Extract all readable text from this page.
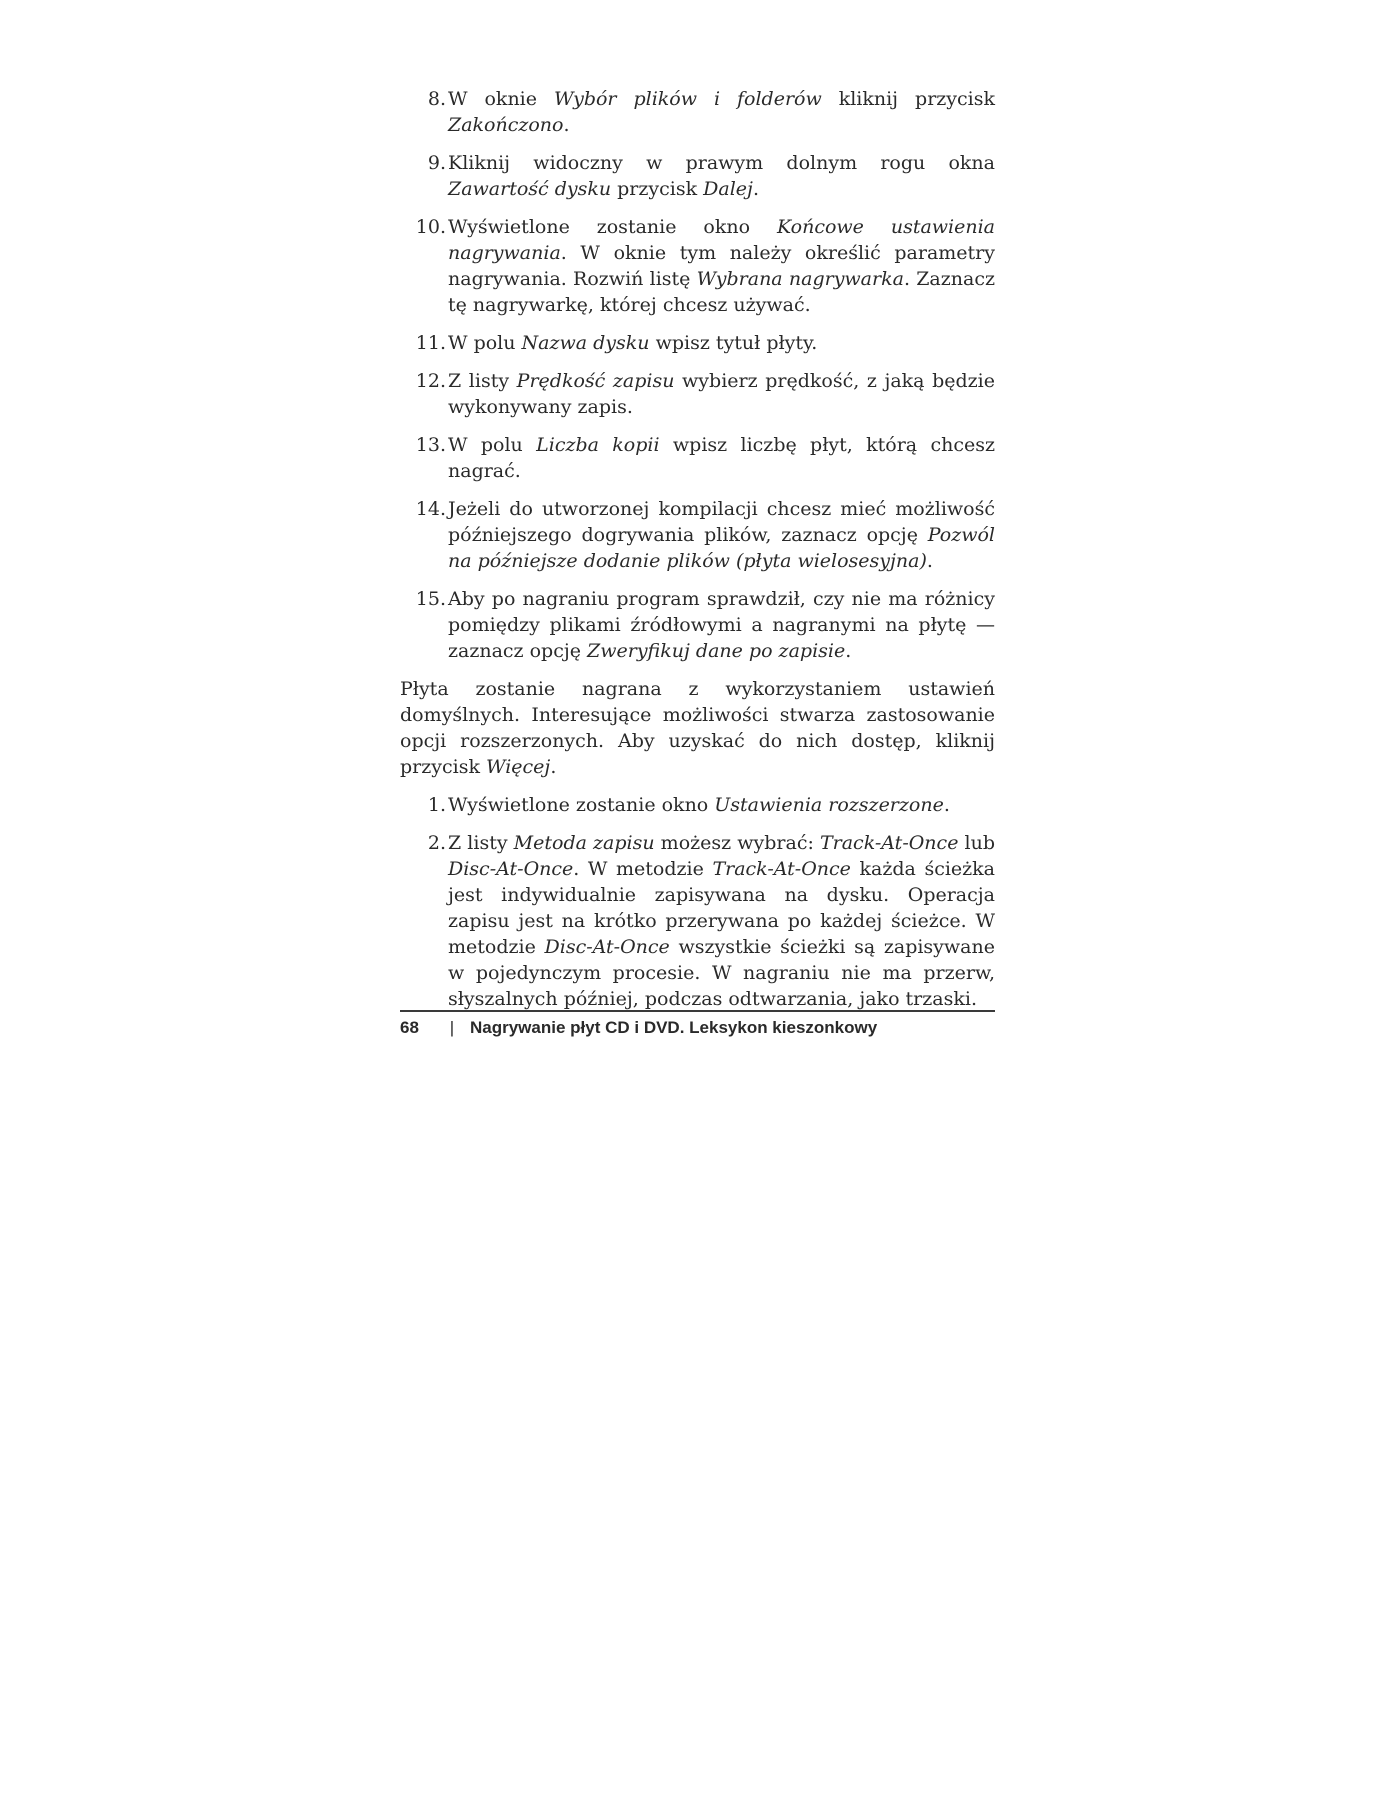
8. W oknie Wybór plików i folderów kliknij przycisk Zakończono.
9. Kliknij widoczny w prawym dolnym rogu okna Zawartość dysku przycisk Dalej.
10. Wyświetlone zostanie okno Końcowe ustawienia nagrywania. W oknie tym należy określić parametry nagrywania. Rozwiń listę Wybrana nagrywarka. Zaznacz tę nagrywarkę, której chcesz używać.
11. W polu Nazwa dysku wpisz tytuł płyty.
12. Z listy Prędkość zapisu wybierz prędkość, z jaką będzie wykonywany zapis.
13. W polu Liczba kopii wpisz liczbę płyt, którą chcesz nagrać.
14. Jeżeli do utworzonej kompilacji chcesz mieć możliwość późniejszego dogrywania plików, zaznacz opcję Pozwól na późniejsze dodanie plików (płyta wielosesyjna).
15. Aby po nagraniu program sprawdził, czy nie ma różnicy pomiędzy plikami źródłowymi a nagranymi na płytę — zaznacz opcję Zweryfikuj dane po zapisie.

Płyta zostanie nagrana z wykorzystaniem ustawień domyślnych. Interesujące możliwości stwarza zastosowanie opcji rozszerzonych. Aby uzyskać do nich dostęp, kliknij przycisk Więcej.

1. Wyświetlone zostanie okno Ustawienia rozszerzone.
2. Z listy Metoda zapisu możesz wybrać: Track-At-Once lub Disc-At-Once. W metodzie Track-At-Once każda ścieżka jest indywidualnie zapisywana na dysku. Operacja zapisu jest na krótko przerywana po każdej ścieżce. W metodzie Disc-At-Once wszystkie ścieżki są zapisywane w pojedynczym procesie. W nagraniu nie ma przerw, słyszalnych później, podczas odtwarzania, jako trzaski.
68	| Nagrywanie płyt CD i DVD. Leksykon kieszonkowy
